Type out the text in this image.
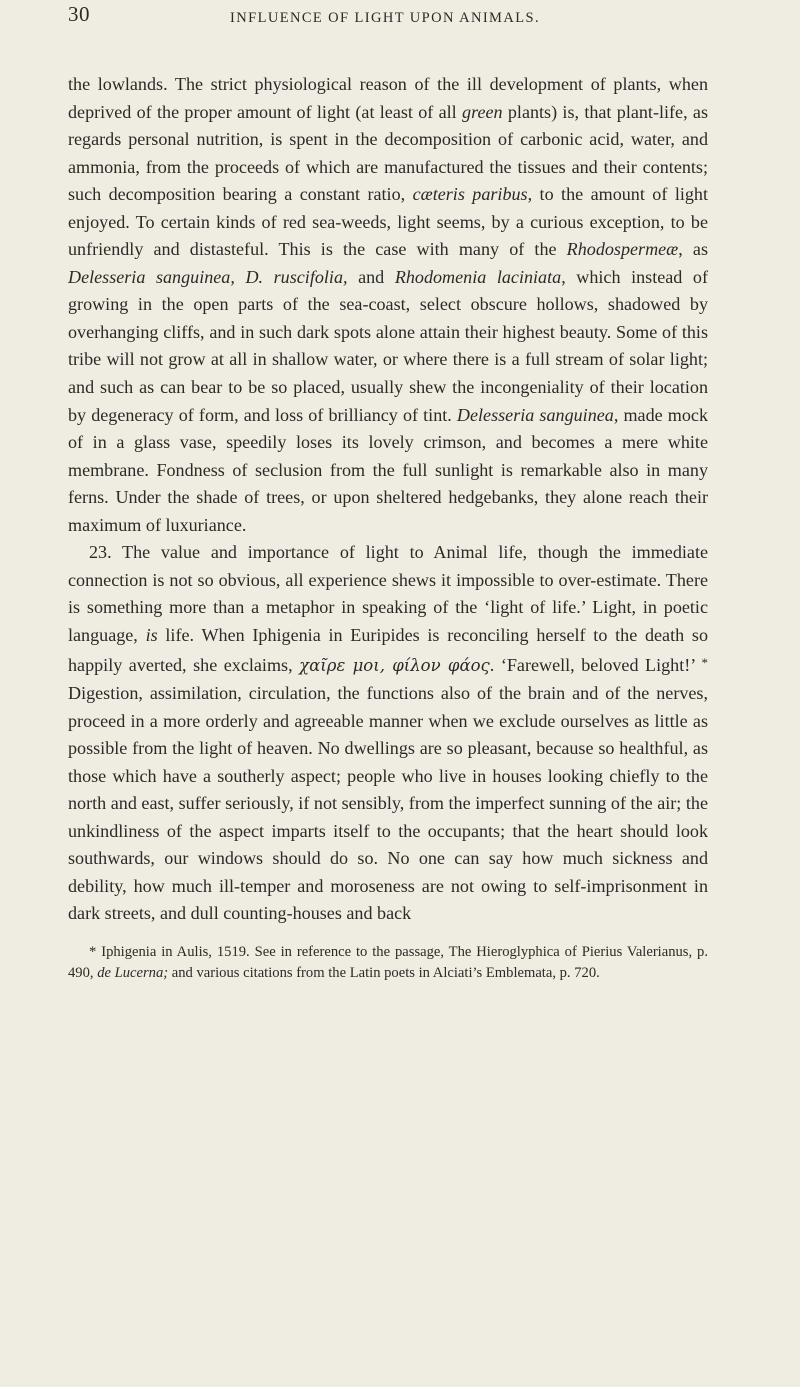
30	INFLUENCE OF LIGHT UPON ANIMALS.

the lowlands. The strict physiological reason of the ill development of plants, when deprived of the proper amount of light (at least of all green plants) is, that plant-life, as regards personal nutrition, is spent in the decomposition of carbonic acid, water, and ammonia, from the proceeds of which are manufactured the tissues and their contents; such decomposition bearing a constant ratio, cæteris paribus, to the amount of light enjoyed. To certain kinds of red sea-weeds, light seems, by a curious exception, to be unfriendly and distasteful. This is the case with many of the Rhodospermeæ, as Delesseria sanguinea, D. ruscifolia, and Rhodomenia laciniata, which instead of growing in the open parts of the sea-coast, select obscure hollows, shadowed by overhanging cliffs, and in such dark spots alone attain their highest beauty. Some of this tribe will not grow at all in shallow water, or where there is a full stream of solar light; and such as can bear to be so placed, usually shew the incongeniality of their location by degeneracy of form, and loss of brilliancy of tint. Delesseria sanguinea, made mock of in a glass vase, speedily loses its lovely crimson, and becomes a mere white membrane. Fondness of seclusion from the full sunlight is remarkable also in many ferns. Under the shade of trees, or upon sheltered hedgebanks, they alone reach their maximum of luxuriance.

23. The value and importance of light to Animal life, though the immediate connection is not so obvious, all experience shews it impossible to over-estimate. There is something more than a metaphor in speaking of the ‘light of life.’ Light, in poetic language, is life. When Iphigenia in Euripides is reconciling herself to the death so happily averted, she exclaims, χαῖρε μοι, φίλον φάος. ‘Farewell, beloved Light!’ * Digestion, assimilation, circulation, the functions also of the brain and of the nerves, proceed in a more orderly and agreeable manner when we exclude ourselves as little as possible from the light of heaven. No dwellings are so pleasant, because so healthful, as those which have a southerly aspect; people who live in houses looking chiefly to the north and east, suffer seriously, if not sensibly, from the imperfect sunning of the air; the unkindliness of the aspect imparts itself to the occupants; that the heart should look southwards, our windows should do so. No one can say how much sickness and debility, how much ill-temper and moroseness are not owing to self-imprisonment in dark streets, and dull counting-houses and back

* Iphigenia in Aulis, 1519. See in reference to the passage, The Hieroglyphica of Pierius Valerianus, p. 490, de Lucerna; and various citations from the Latin poets in Alciati’s Emblemata, p. 720.
